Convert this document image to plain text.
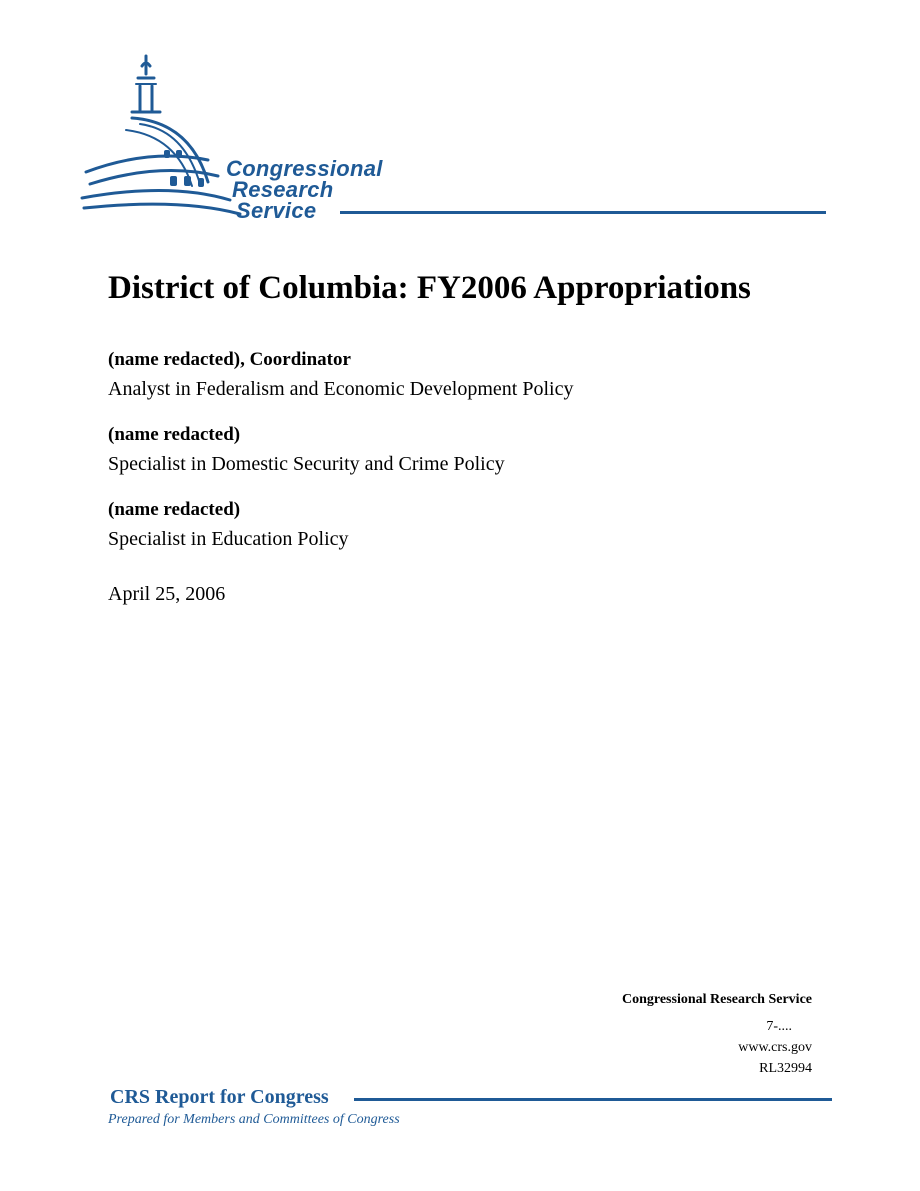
Congressional
Research
Service
District of Columbia: FY2006 Appropriations
(name redacted), Coordinator
Analyst in Federalism and Economic Development Policy
(name redacted)
Specialist in Domestic Security and Crime Policy
(name redacted)
Specialist in Education Policy
April 25, 2006
Congressional Research Service
7-....
www.crs.gov
RL32994
CRS Report for Congress
Prepared for Members and Committees of Congress
